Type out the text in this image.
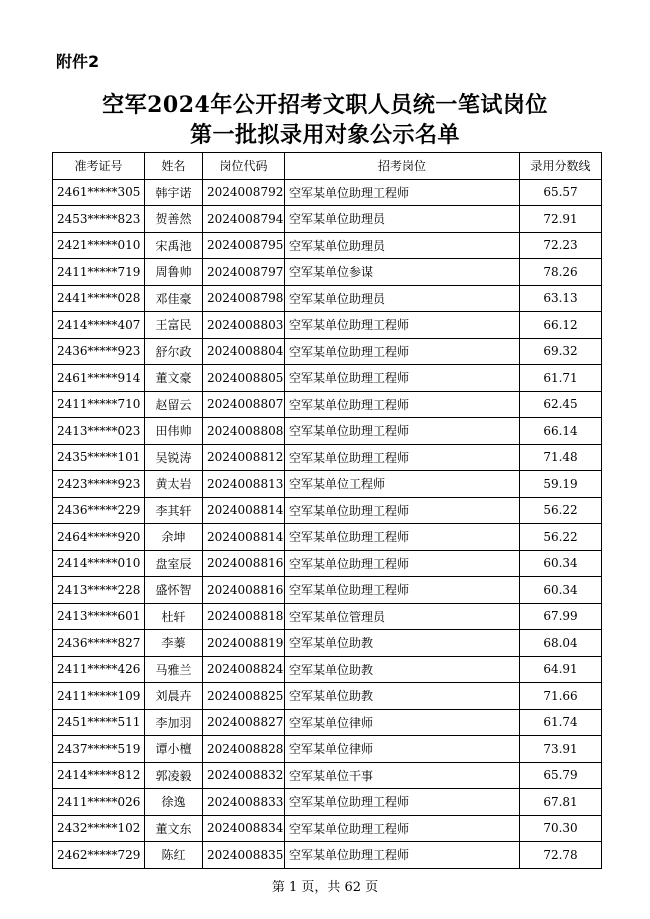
附件2
空军2024年公开招考文职人员统一笔试岗位
第一批拟录用对象公示名单
准考证号	姓名	岗位代码	招考岗位	录用分数线
2461*****305	韩宇诺	2024008792	空军某单位助理工程师	65.57
2453*****823	贺善然	2024008794	空军某单位助理员	72.91
2421*****010	宋禹池	2024008795	空军某单位助理员	72.23
2411*****719	周鲁帅	2024008797	空军某单位参谋	78.26
2441*****028	邓佳豪	2024008798	空军某单位助理员	63.13
2414*****407	王富民	2024008803	空军某单位助理工程师	66.12
2436*****923	舒尔政	2024008804	空军某单位助理工程师	69.32
2461*****914	董文豪	2024008805	空军某单位助理工程师	61.71
2411*****710	赵留云	2024008807	空军某单位助理工程师	62.45
2413*****023	田伟帅	2024008808	空军某单位助理工程师	66.14
2435*****101	吴锐涛	2024008812	空军某单位助理工程师	71.48
2423*****923	黄太岩	2024008813	空军某单位工程师	59.19
2436*****229	李其轩	2024008814	空军某单位助理工程师	56.22
2464*****920	余坤	2024008814	空军某单位助理工程师	56.22
2414*****010	盘室辰	2024008816	空军某单位助理工程师	60.34
2413*****228	盛怀智	2024008816	空军某单位助理工程师	60.34
2413*****601	杜轩	2024008818	空军某单位管理员	67.99
2436*****827	李蓁	2024008819	空军某单位助教	68.04
2411*****426	马雅兰	2024008824	空军某单位助教	64.91
2411*****109	刘晨卉	2024008825	空军某单位助教	71.66
2451*****511	李加羽	2024008827	空军某单位律师	61.74
2437*****519	谭小檀	2024008828	空军某单位律师	73.91
2414*****812	郭凌毅	2024008832	空军某单位干事	65.79
2411*****026	徐逸	2024008833	空军某单位助理工程师	67.81
2432*****102	董文东	2024008834	空军某单位助理工程师	70.30
2462*****729	陈红	2024008835	空军某单位助理工程师	72.78
第 1 页，共 62 页
